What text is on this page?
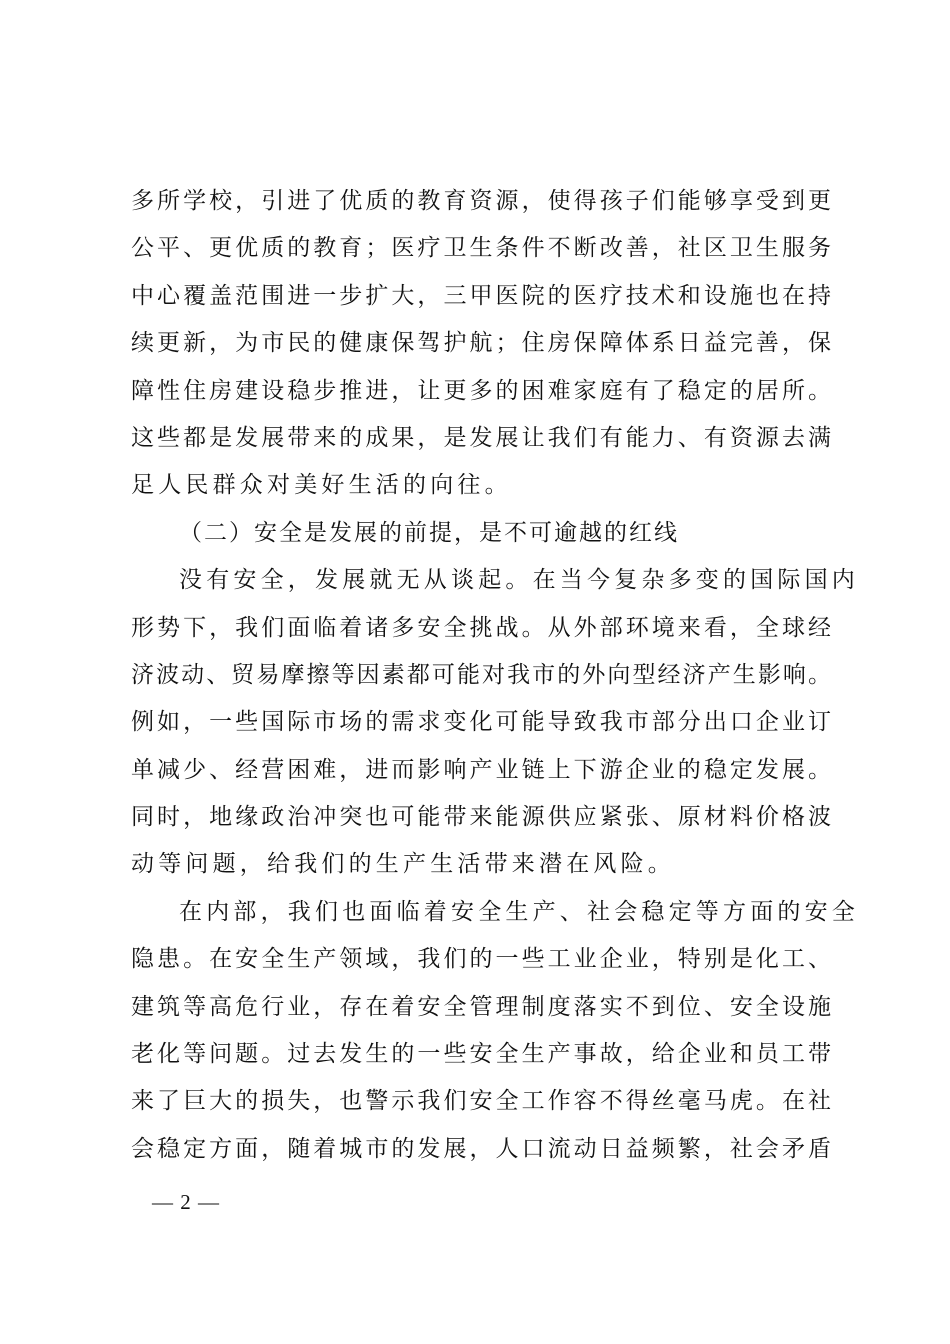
多所学校，引进了优质的教育资源，使得孩子们能够享受到更
公平、更优质的教育；医疗卫生条件不断改善，社区卫生服务
中心覆盖范围进一步扩大，三甲医院的医疗技术和设施也在持
续更新，为市民的健康保驾护航；住房保障体系日益完善，保
障性住房建设稳步推进，让更多的困难家庭有了稳定的居所。
这些都是发展带来的成果，是发展让我们有能力、有资源去满
足人民群众对美好生活的向往。
（二）安全是发展的前提，是不可逾越的红线
没有安全，发展就无从谈起。在当今复杂多变的国际国内
形势下，我们面临着诸多安全挑战。从外部环境来看，全球经
济波动、贸易摩擦等因素都可能对我市的外向型经济产生影响。
例如，一些国际市场的需求变化可能导致我市部分出口企业订
单减少、经营困难，进而影响产业链上下游企业的稳定发展。
同时，地缘政治冲突也可能带来能源供应紧张、原材料价格波
动等问题，给我们的生产生活带来潜在风险。
在内部，我们也面临着安全生产、社会稳定等方面的安全
隐患。在安全生产领域，我们的一些工业企业，特别是化工、
建筑等高危行业，存在着安全管理制度落实不到位、安全设施
老化等问题。过去发生的一些安全生产事故，给企业和员工带
来了巨大的损失，也警示我们安全工作容不得丝毫马虎。在社
会稳定方面，随着城市的发展，人口流动日益频繁，社会矛盾
— 2 —
